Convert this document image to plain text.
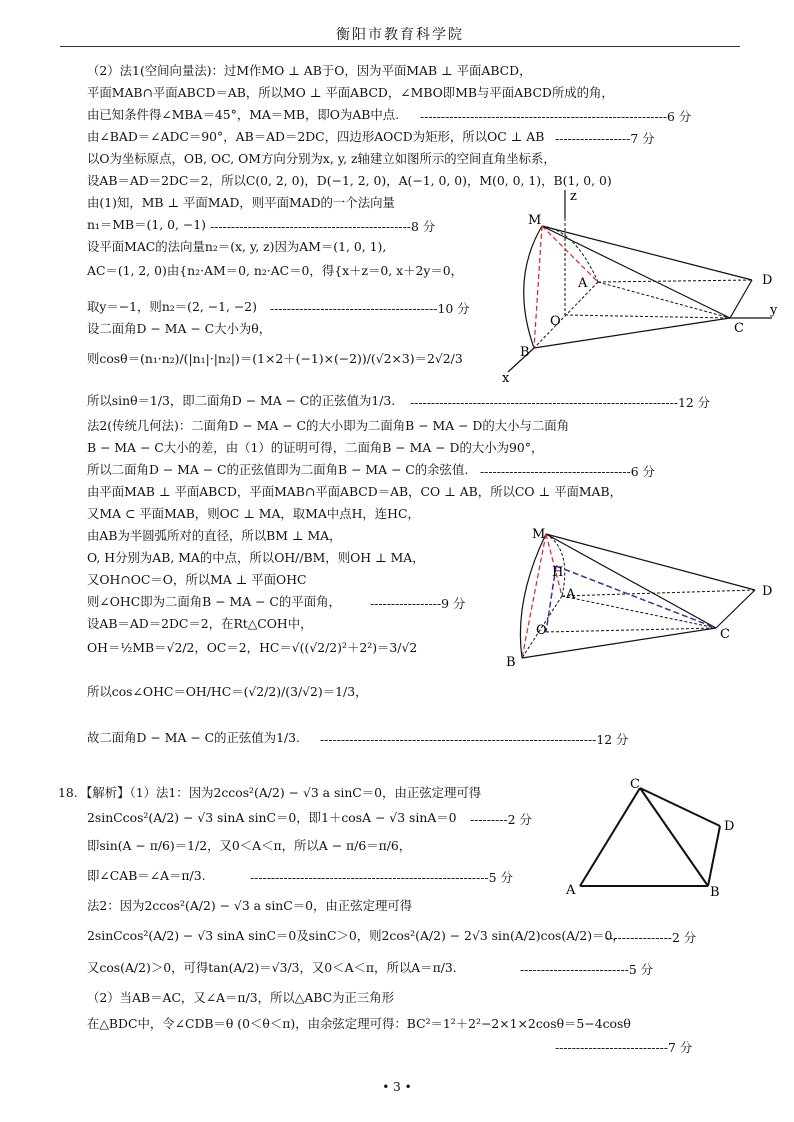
衡阳市教育科学院
（2）法1(空间向量法)：过M作MO ⊥ AB于O，因为平面MAB ⊥ 平面ABCD，
平面MAB∩平面ABCD＝AB，所以MO ⊥ 平面ABCD，∠MBO即MB与平面ABCD所成的角，
由已知条件得∠MBA＝45°，MA＝MB，即O为AB中点. -----------------------------------------------------------6 分
由∠BAD＝∠ADC＝90°，AB＝AD＝2DC，四边形AOCD为矩形，所以OC ⊥ AB ------------------7 分
以O为坐标原点，OB, OC, OM方向分别为x, y, z轴建立如图所示的空间直角坐标系，
设AB＝AD＝2DC＝2，所以C(0, 2, 0)，D(−1, 2, 0)，A(−1, 0, 0)，M(0, 0, 1)，B(1, 0, 0)
由(1)知，MB ⊥ 平面MAD，则平面MAD的一个法向量
n₁＝MB＝(1, 0, −1) ------------------------------------------------8 分
设平面MAC的法向量n₂＝(x, y, z)因为AM＝(1, 0, 1),
AC＝(1, 2, 0)由{n₂·AM＝0, n₂·AC＝0，得{x＋z＝0, x＋2y＝0，
取y＝−1，则n₂＝(2, −1, −2) ----------------------------------------10 分
设二面角D − MA − C大小为θ，
则cosθ＝(n₁·n₂)/(|n₁|·|n₂|)＝(1×2＋(−1)×(−2))/(√2×3)＝2√2/3
所以sinθ＝1/3，即二面角D − MA − C的正弦值为1/3. ----------------------------------------------------------------12 分
法2(传统几何法)：二面角D − MA − C的大小即为二面角B − MA − D的大小与二面角
B − MA − C大小的差，由（1）的证明可得，二面角B − MA − D的大小为90°，
所以二面角D − MA − C的正弦值即为二面角B − MA − C的余弦值. ------------------------------------6 分
由平面MAB ⊥ 平面ABCD，平面MAB∩平面ABCD＝AB，CO ⊥ AB，所以CO ⊥ 平面MAB，
又MA ⊂ 平面MAB，则OC ⊥ MA，取MA中点H，连HC，
由AB为半圆弧所对的直径，所以BM ⊥ MA，
O, H分别为AB, MA的中点，所以OH//BM，则OH ⊥ MA，
又OH∩OC＝O，所以MA ⊥ 平面OHC
则∠OHC即为二面角B − MA − C的平面角， -----------------9 分
设AB＝AD＝2DC＝2，在Rt△COH中，
OH＝½MB＝√2/2，OC＝2，HC＝√((√2/2)²＋2²)＝3/√2
所以cos∠OHC＝OH/HC＝(√2/2)/(3/√2)＝1/3，
故二面角D − MA − C的正弦值为1/3. ------------------------------------------------------------------12 分
18. 【解析】（1）法1：因为2ccos²(A/2) − √3 a sinC＝0，由正弦定理可得
2sinCcos²(A/2) − √3 sinA sinC＝0，即1＋cosA − √3 sinA＝0 ---------2 分
即sin(A − π/6)＝1/2，又0＜A＜π，所以A − π/6＝π/6，
即∠CAB＝∠A＝π/3.	---------------------------------------------------------5 分
法2：因为2ccos²(A/2) − √3 a sinC＝0，由正弦定理可得
2sinCcos²(A/2) − √3 sinA sinC＝0及sinC＞0，则2cos²(A/2) − 2√3 sin(A/2)cos(A/2)＝0，
----------------2 分
又cos(A/2)＞0，可得tan(A/2)＝√3/3，又0＜A＜π，所以A＝π/3.	--------------------------5 分
（2）当AB＝AC，又∠A＝π/3，所以△ABC为正三角形
在△BDC中，令∠CDB＝θ (0＜θ＜π)，由余弦定理可得：BC²＝1²＋2²−2×1×2cosθ＝5−4cosθ
---------------------------7 分
M
A	D
O	C
B
x
y
z
M
H
A	D
O	C
B
C
D
A	B
• 3 •
